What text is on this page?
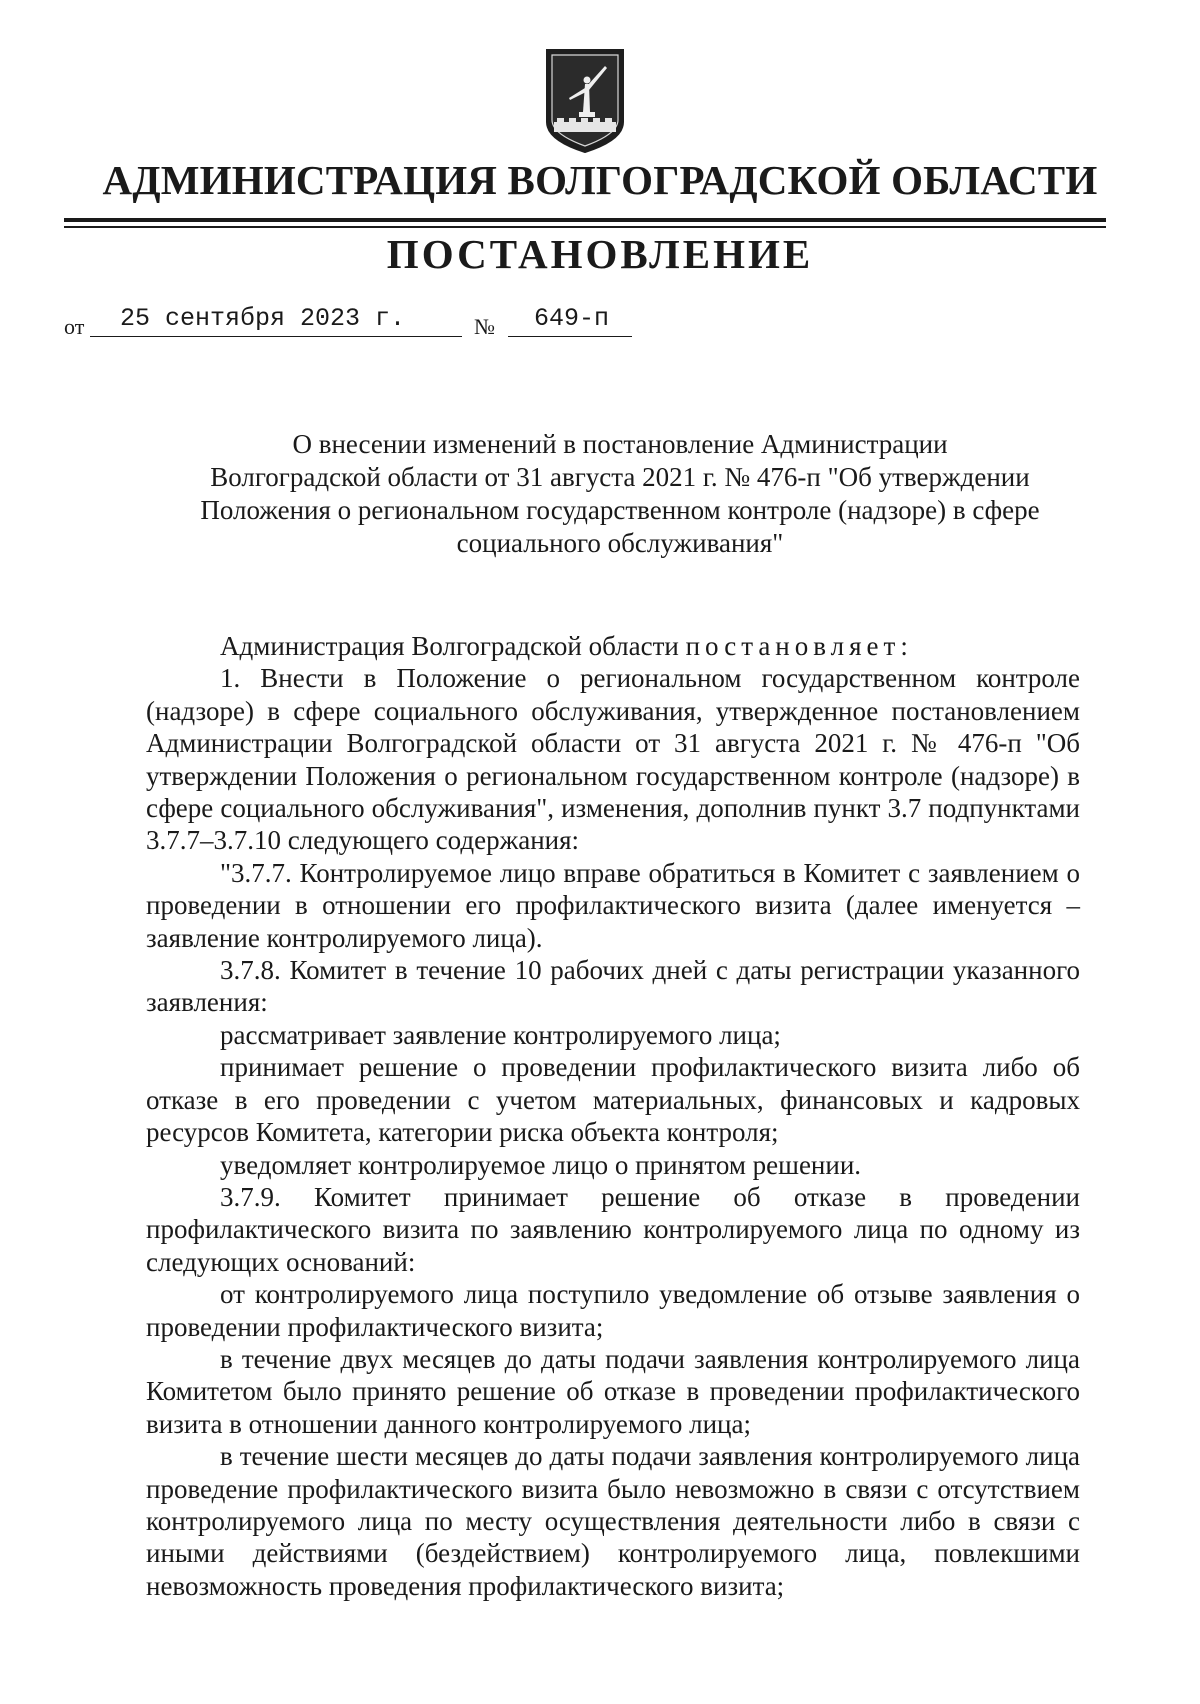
АДМИНИСТРАЦИЯ ВОЛГОГРАДСКОЙ ОБЛАСТИ
ПОСТАНОВЛЕНИЕ
от	25 сентября 2023 г.	№	649-п
О внесении изменений в постановление Администрации
Волгоградской области от 31 августа 2021 г. № 476-п "Об утверждении
Положения о региональном государственном контроле (надзоре) в сфере
социального обслуживания"

Администрация Волгоградской области постановляет:

1. Внести в Положение о региональном государственном контроле (надзоре) в сфере социального обслуживания, утвержденное постановлением Администрации Волгоградской области от 31 августа 2021 г. № 476-п "Об утверждении Положения о региональном государственном контроле (надзоре) в сфере социального обслуживания", изменения, дополнив пункт 3.7 подпунктами 3.7.7–3.7.10 следующего содержания:

"3.7.7. Контролируемое лицо вправе обратиться в Комитет с заявлением о проведении в отношении его профилактического визита (далее именуется – заявление контролируемого лица).

3.7.8. Комитет в течение 10 рабочих дней с даты регистрации указанного заявления:

рассматривает заявление контролируемого лица;

принимает решение о проведении профилактического визита либо об отказе в его проведении с учетом материальных, финансовых и кадровых ресурсов Комитета, категории риска объекта контроля;

уведомляет контролируемое лицо о принятом решении.

3.7.9. Комитет принимает решение об отказе в проведении профилактического визита по заявлению контролируемого лица по одному из следующих оснований:

от контролируемого лица поступило уведомление об отзыве заявления о проведении профилактического визита;

в течение двух месяцев до даты подачи заявления контролируемого лица Комитетом было принято решение об отказе в проведении профилактического визита в отношении данного контролируемого лица;

в течение шести месяцев до даты подачи заявления контролируемого лица проведение профилактического визита было невозможно в связи с отсутствием контролируемого лица по месту осуществления деятельности либо в связи с иными действиями (бездействием) контролируемого лица, повлекшими невозможность проведения профилактического визита;
